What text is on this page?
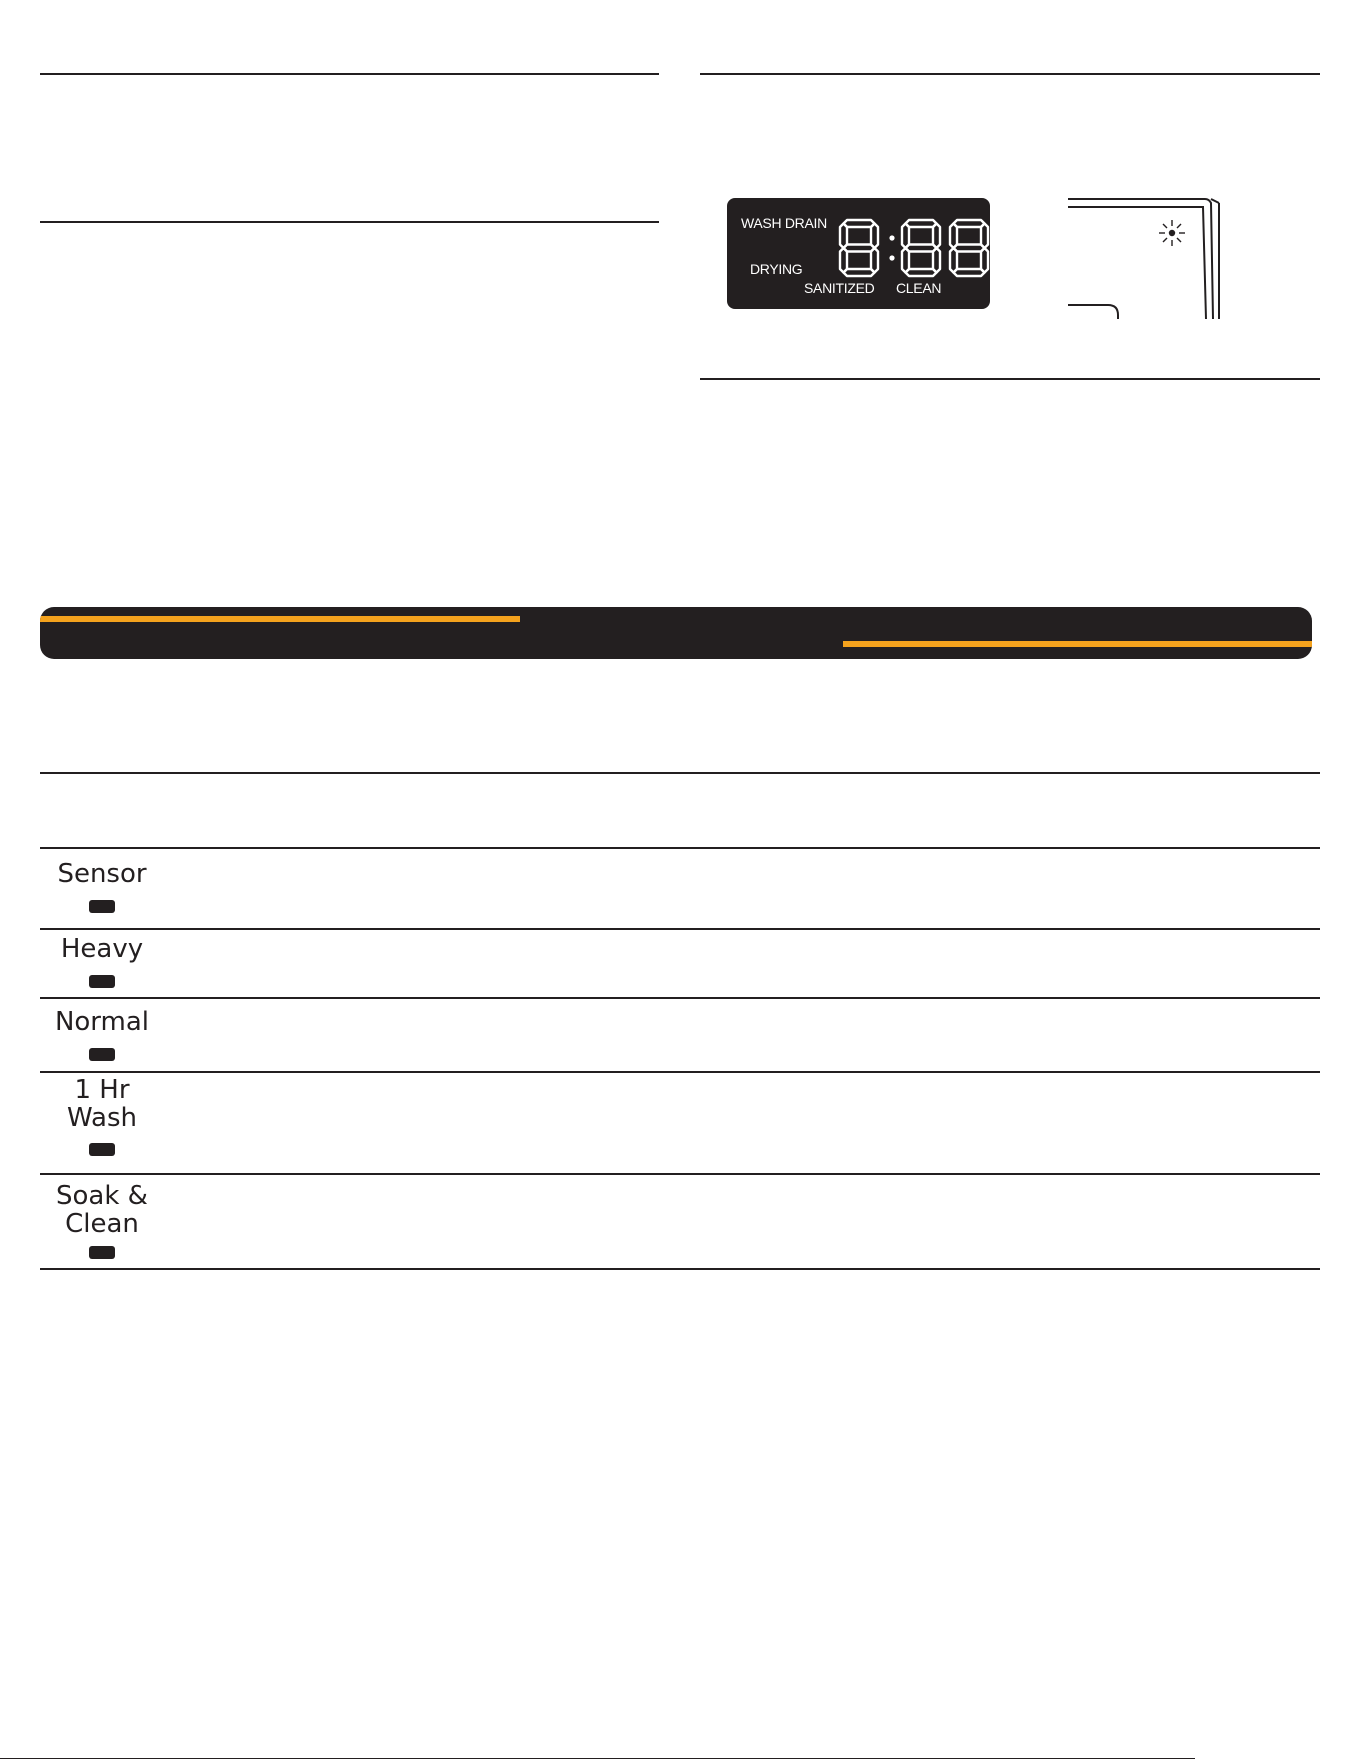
WASH DRAIN
DRYING
SANITIZED CLEAN
Sensor
Heavy
Normal
1 Hr
Wash
Soak &
Clean
